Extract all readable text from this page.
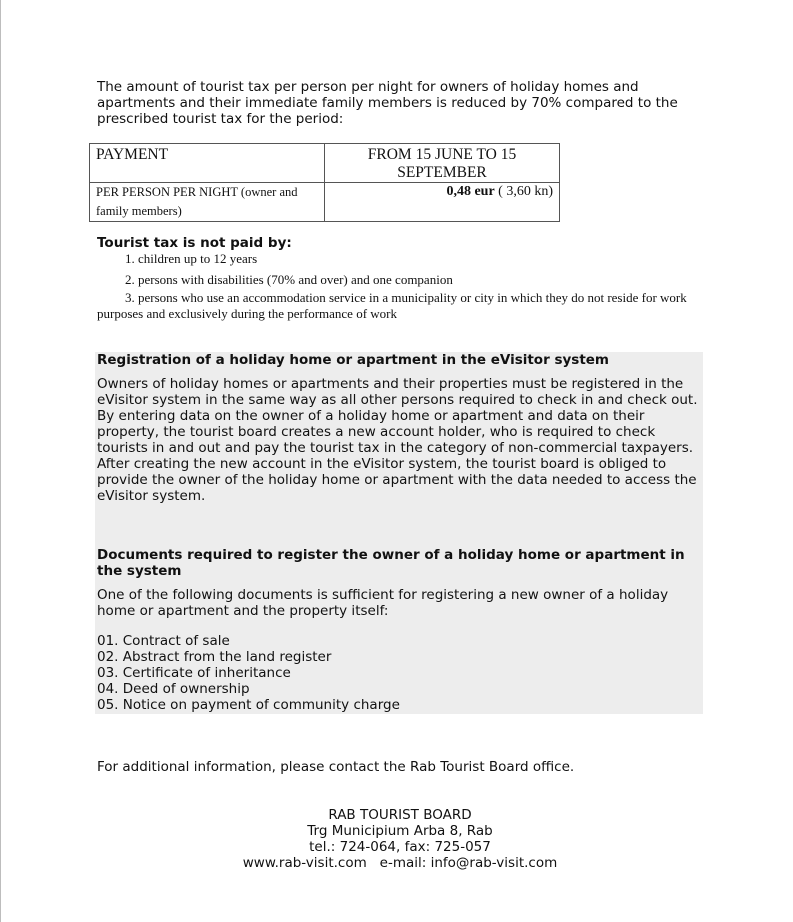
The amount of tourist tax per person per night for owners of holiday homes and apartments and their immediate family members is reduced by 70% compared to the prescribed tourist tax for the period:
PAYMENT	FROM 15 JUNE TO 15 SEPTEMBER
PER PERSON PER NIGHT (owner and family members)	0,48 eur ( 3,60 kn)
Tourist tax is not paid by:
1. children up to 12 years
2. persons with disabilities (70% and over) and one companion
3. persons who use an accommodation service in a municipality or city in which they do not reside for work purposes and exclusively during the performance of work
Registration of a holiday home or apartment in the eVisitor system
Owners of holiday homes or apartments and their properties must be registered in the eVisitor system in the same way as all other persons required to check in and check out. By entering data on the owner of a holiday home or apartment and data on their property, the tourist board creates a new account holder, who is required to check tourists in and out and pay the tourist tax in the category of non-commercial taxpayers. After creating the new account in the eVisitor system, the tourist board is obliged to provide the owner of the holiday home or apartment with the data needed to access the eVisitor system.
Documents required to register the owner of a holiday home or apartment in the system
One of the following documents is sufficient for registering a new owner of a holiday home or apartment and the property itself:
01. Contract of sale
02. Abstract from the land register
03. Certificate of inheritance
04. Deed of ownership
05. Notice on payment of community charge
For additional information, please contact the Rab Tourist Board office.
RAB TOURIST BOARD
Trg Municipium Arba 8, Rab
tel.: 724-064, fax: 725-057
www.rab-visit.com e-mail: info@rab-visit.com
